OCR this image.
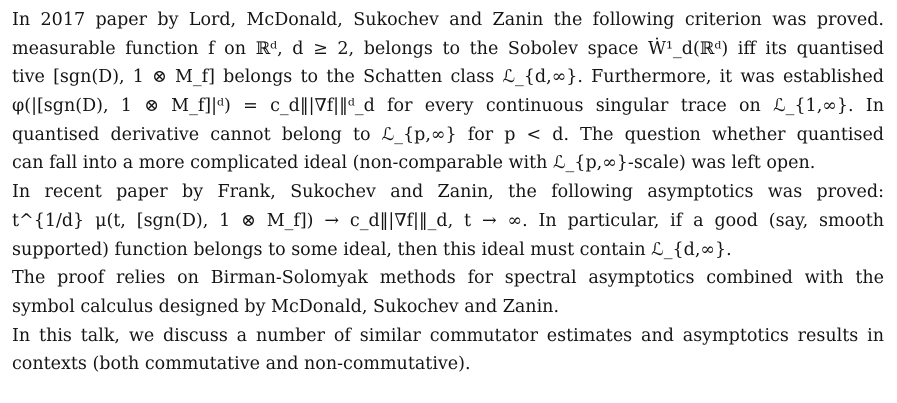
In 2017 paper by Lord, McDonald, Sukochev and Zanin the following criterion was proved.
measurable function f on ℝᵈ, d ≥ 2, belongs to the Sobolev space Ẇ¹_d(ℝᵈ) iff its quantised
tive [sgn(D), 1 ⊗ M_f] belongs to the Schatten class ℒ_{d,∞}. Furthermore, it was established
φ(|[sgn(D), 1 ⊗ M_f]|ᵈ) = c_d‖|∇f|‖ᵈ_d for every continuous singular trace on ℒ_{1,∞}. In
quantised derivative cannot belong to ℒ_{p,∞} for p < d. The question whether quantised
can fall into a more complicated ideal (non-comparable with ℒ_{p,∞}-scale) was left open.
In recent paper by Frank, Sukochev and Zanin, the following asymptotics was proved:
t^{1/d} μ(t, [sgn(D), 1 ⊗ M_f]) → c_d‖|∇f|‖_d, t → ∞. In particular, if a good (say, smooth
supported) function belongs to some ideal, then this ideal must contain ℒ_{d,∞}.
The proof relies on Birman-Solomyak methods for spectral asymptotics combined with the
symbol calculus designed by McDonald, Sukochev and Zanin.
In this talk, we discuss a number of similar commutator estimates and asymptotics results in
contexts (both commutative and non-commutative).
